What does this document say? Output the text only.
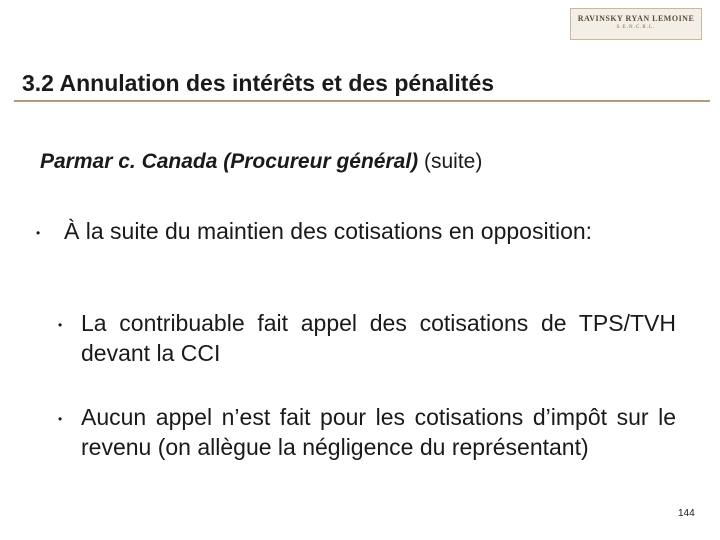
RAVINSKY RYAN LEMOINE
S.E.N.C.R.L.
3.2 Annulation des intérêts et des pénalités

Parmar c. Canada (Procureur général) (suite)

• À la suite du maintien des cotisations en opposition:
• La contribuable fait appel des cotisations de TPS/TVH devant la CCI
• Aucun appel n’est fait pour les cotisations d’impôt sur le revenu (on allègue la négligence du représentant)
144
